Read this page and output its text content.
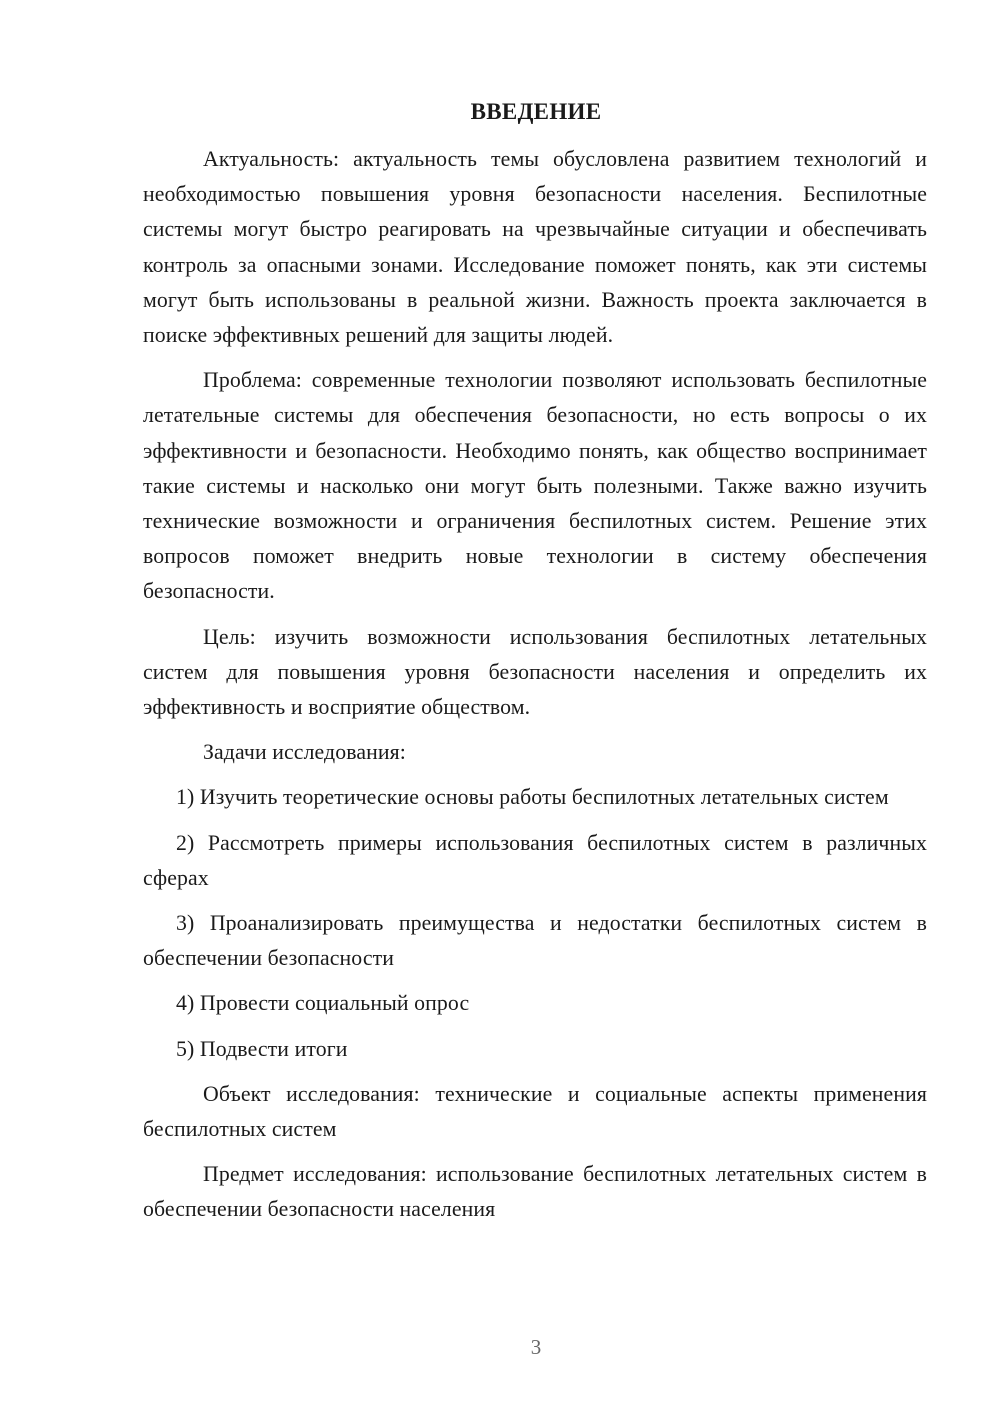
ВВЕДЕНИЕ

Актуальность: актуальность темы обусловлена развитием технологий и необходимостью повышения уровня безопасности населения. Беспилотные системы могут быстро реагировать на чрезвычайные ситуации и обеспечивать контроль за опасными зонами. Исследование поможет понять, как эти системы могут быть использованы в реальной жизни. Важность проекта заключается в поиске эффективных решений для защиты людей.

Проблема: современные технологии позволяют использовать беспилотные летательные системы для обеспечения безопасности, но есть вопросы о их эффективности и безопасности. Необходимо понять, как общество воспринимает такие системы и насколько они могут быть полезными. Также важно изучить технические возможности и ограничения беспилотных систем. Решение этих вопросов поможет внедрить новые технологии в систему обеспечения безопасности.

Цель: изучить возможности использования беспилотных летательных систем для повышения уровня безопасности населения и определить их эффективность и восприятие обществом.

Задачи исследования:

1) Изучить теоретические основы работы беспилотных летательных систем

2) Рассмотреть примеры использования беспилотных систем в различных сферах

3) Проанализировать преимущества и недостатки беспилотных систем в обеспечении безопасности

4) Провести социальный опрос

5) Подвести итоги

Объект исследования: технические и социальные аспекты применения беспилотных систем

Предмет исследования: использование беспилотных летательных систем в обеспечении безопасности населения

3
